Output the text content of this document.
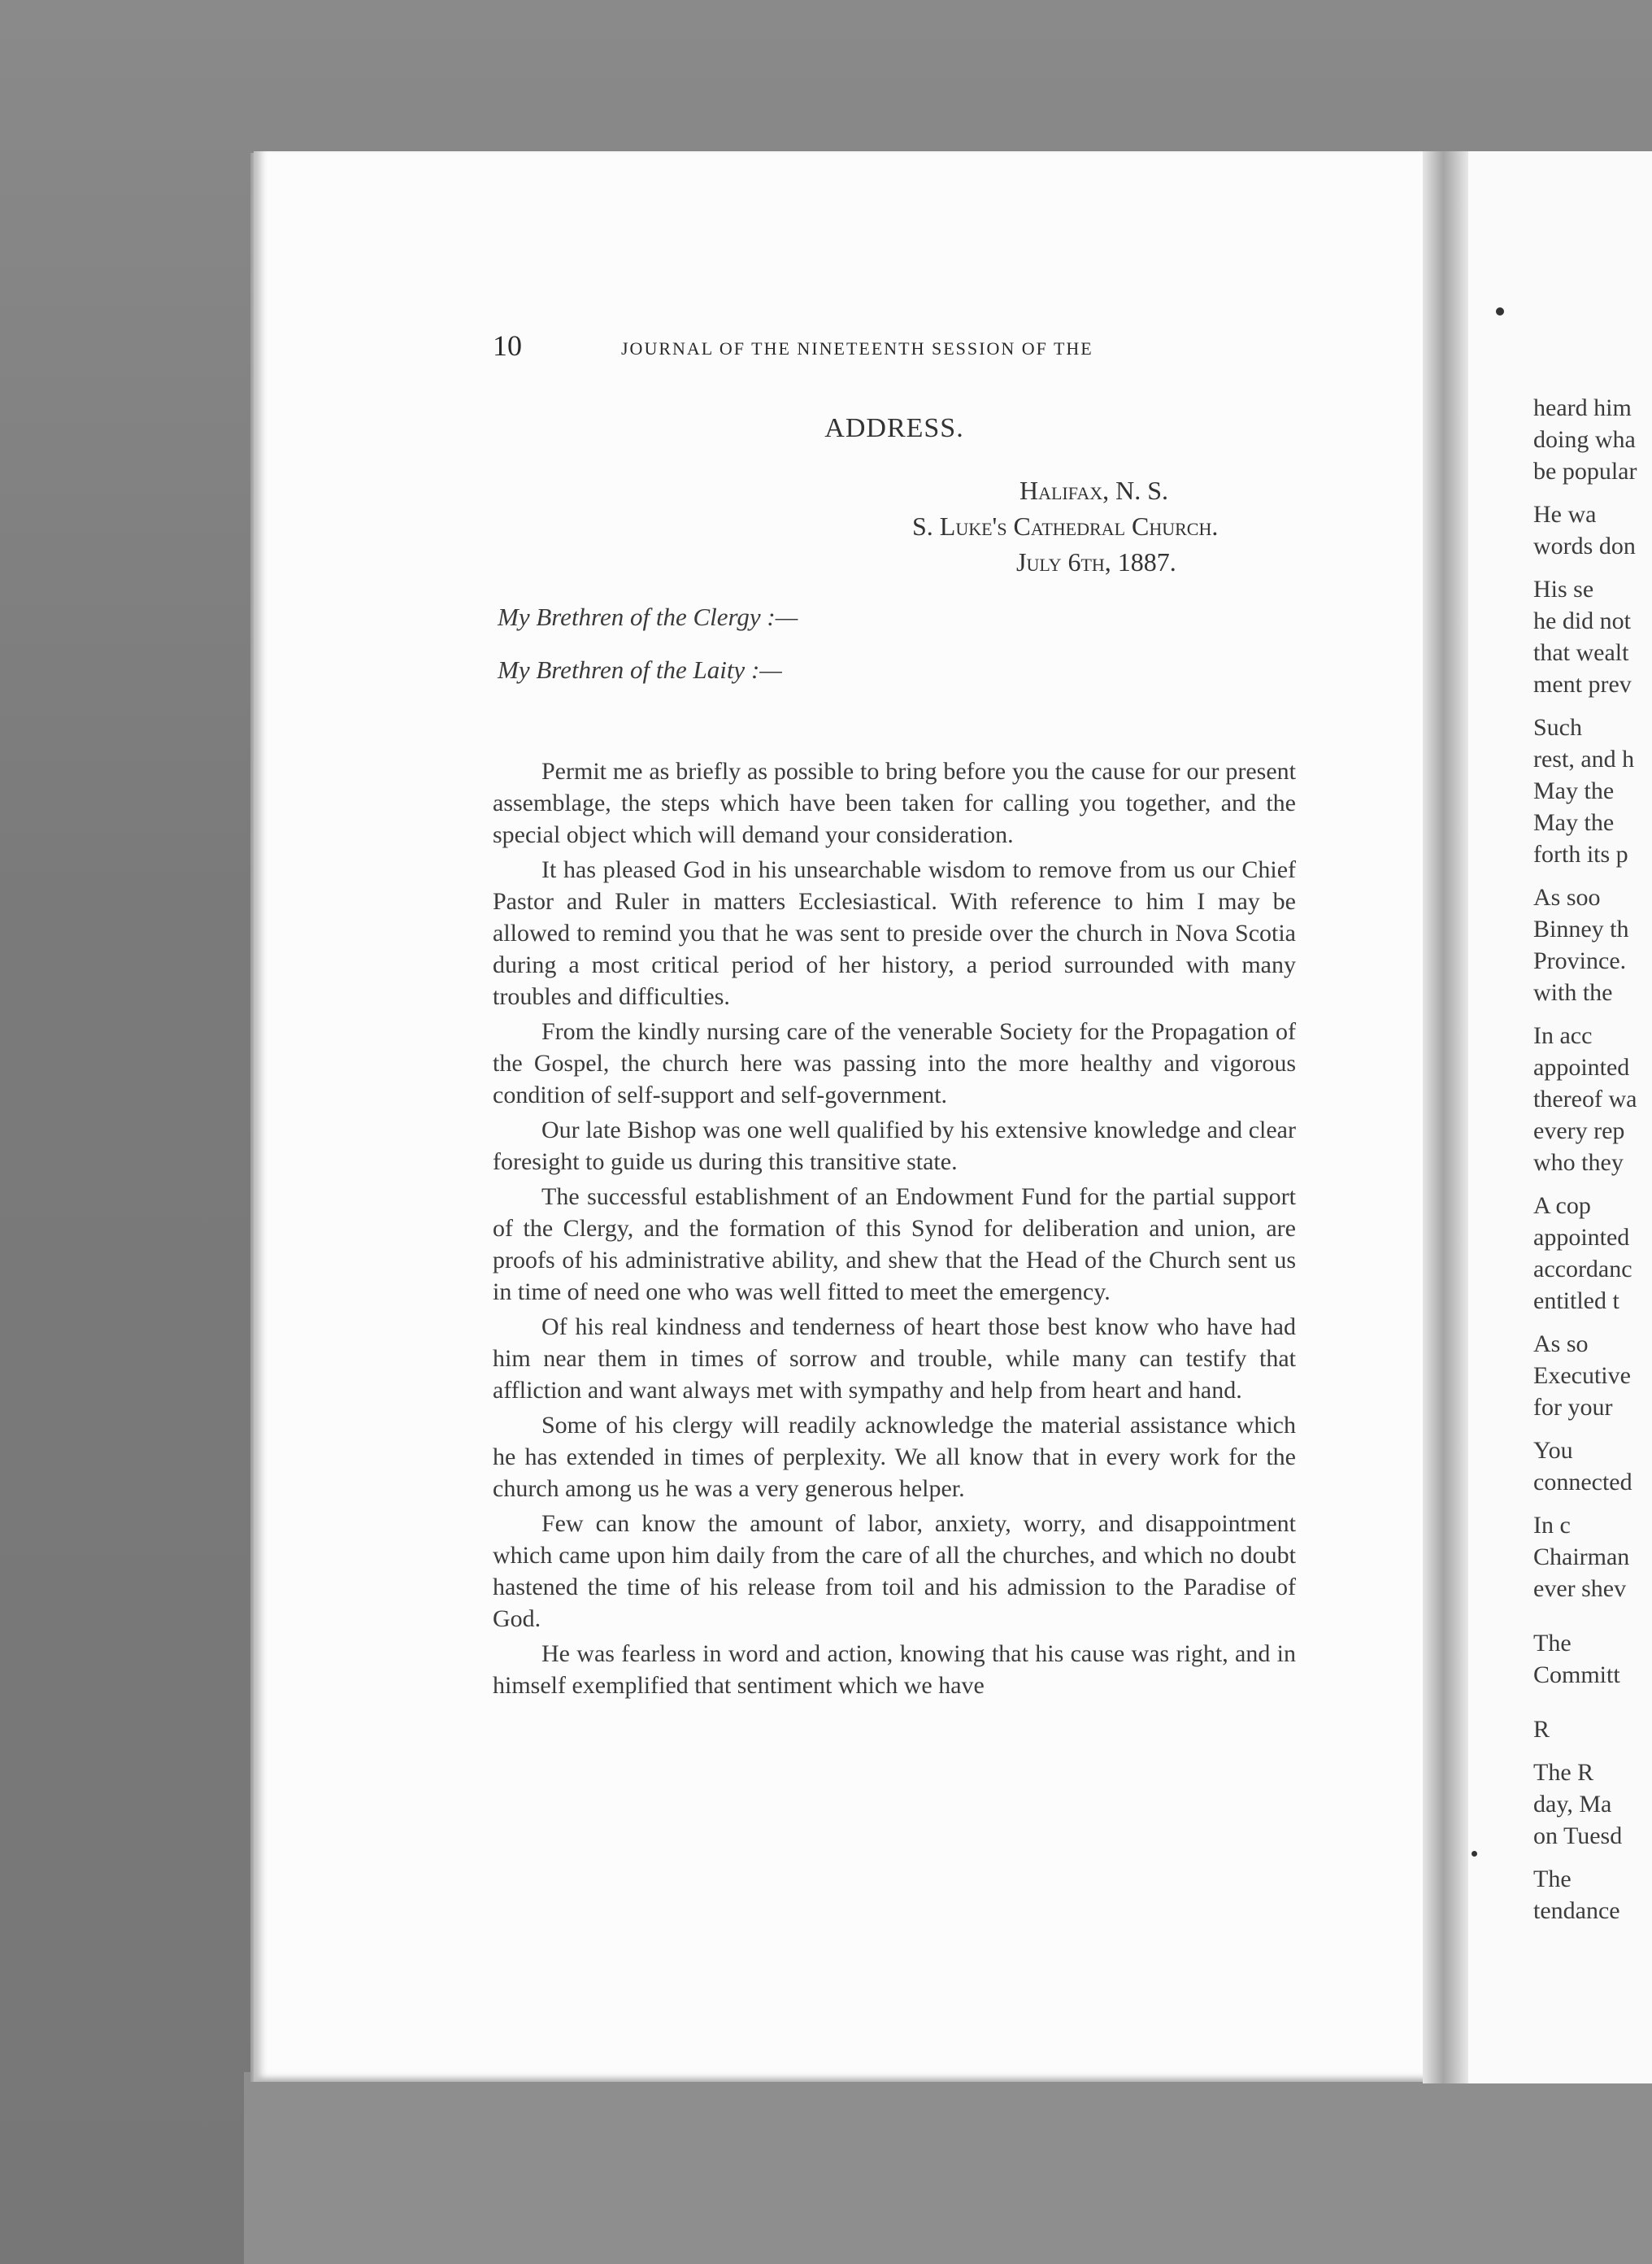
heard him
doing wha
be popular
He wa
words don
His se
he did not
that wealt
ment prev
Such
rest, and h
May the
May the
forth its p
As soo
Binney th
Province.
with the
In acc
appointed
thereof wa
every rep
who they
A cop
appointed
accordanc
entitled t
As so
Executive
for your
You
connected
In c
Chairman
ever shev
The
Committ
R
The R
day, Ma
on Tuesd
The
tendance
10	JOURNAL OF THE NINETEENTH SESSION OF THE
ADDRESS.
Halifax, N. S.
S. Luke's Cathedral Church.
July 6th, 1887.
My Brethren of the Clergy :—
My Brethren of the Laity :—

Permit me as briefly as possible to bring before you the cause for our present assemblage, the steps which have been taken for calling you together, and the special object which will demand your consideration.

It has pleased God in his unsearchable wisdom to remove from us our Chief Pastor and Ruler in matters Ecclesiastical. With reference to him I may be allowed to remind you that he was sent to preside over the church in Nova Scotia during a most critical period of her history, a period surrounded with many troubles and difficulties.

From the kindly nursing care of the venerable Society for the Propagation of the Gospel, the church here was passing into the more healthy and vigorous condition of self-support and self-government.

Our late Bishop was one well qualified by his extensive knowledge and clear foresight to guide us during this transitive state.

The successful establishment of an Endowment Fund for the partial support of the Clergy, and the formation of this Synod for deliberation and union, are proofs of his administrative ability, and shew that the Head of the Church sent us in time of need one who was well fitted to meet the emergency.

Of his real kindness and tenderness of heart those best know who have had him near them in times of sorrow and trouble, while many can testify that affliction and want always met with sympathy and help from heart and hand.

Some of his clergy will readily acknowledge the material assistance which he has extended in times of perplexity. We all know that in every work for the church among us he was a very generous helper.

Few can know the amount of labor, anxiety, worry, and disappointment which came upon him daily from the care of all the churches, and which no doubt hastened the time of his release from toil and his admission to the Paradise of God.

He was fearless in word and action, knowing that his cause was right, and in himself exemplified that sentiment which we have
